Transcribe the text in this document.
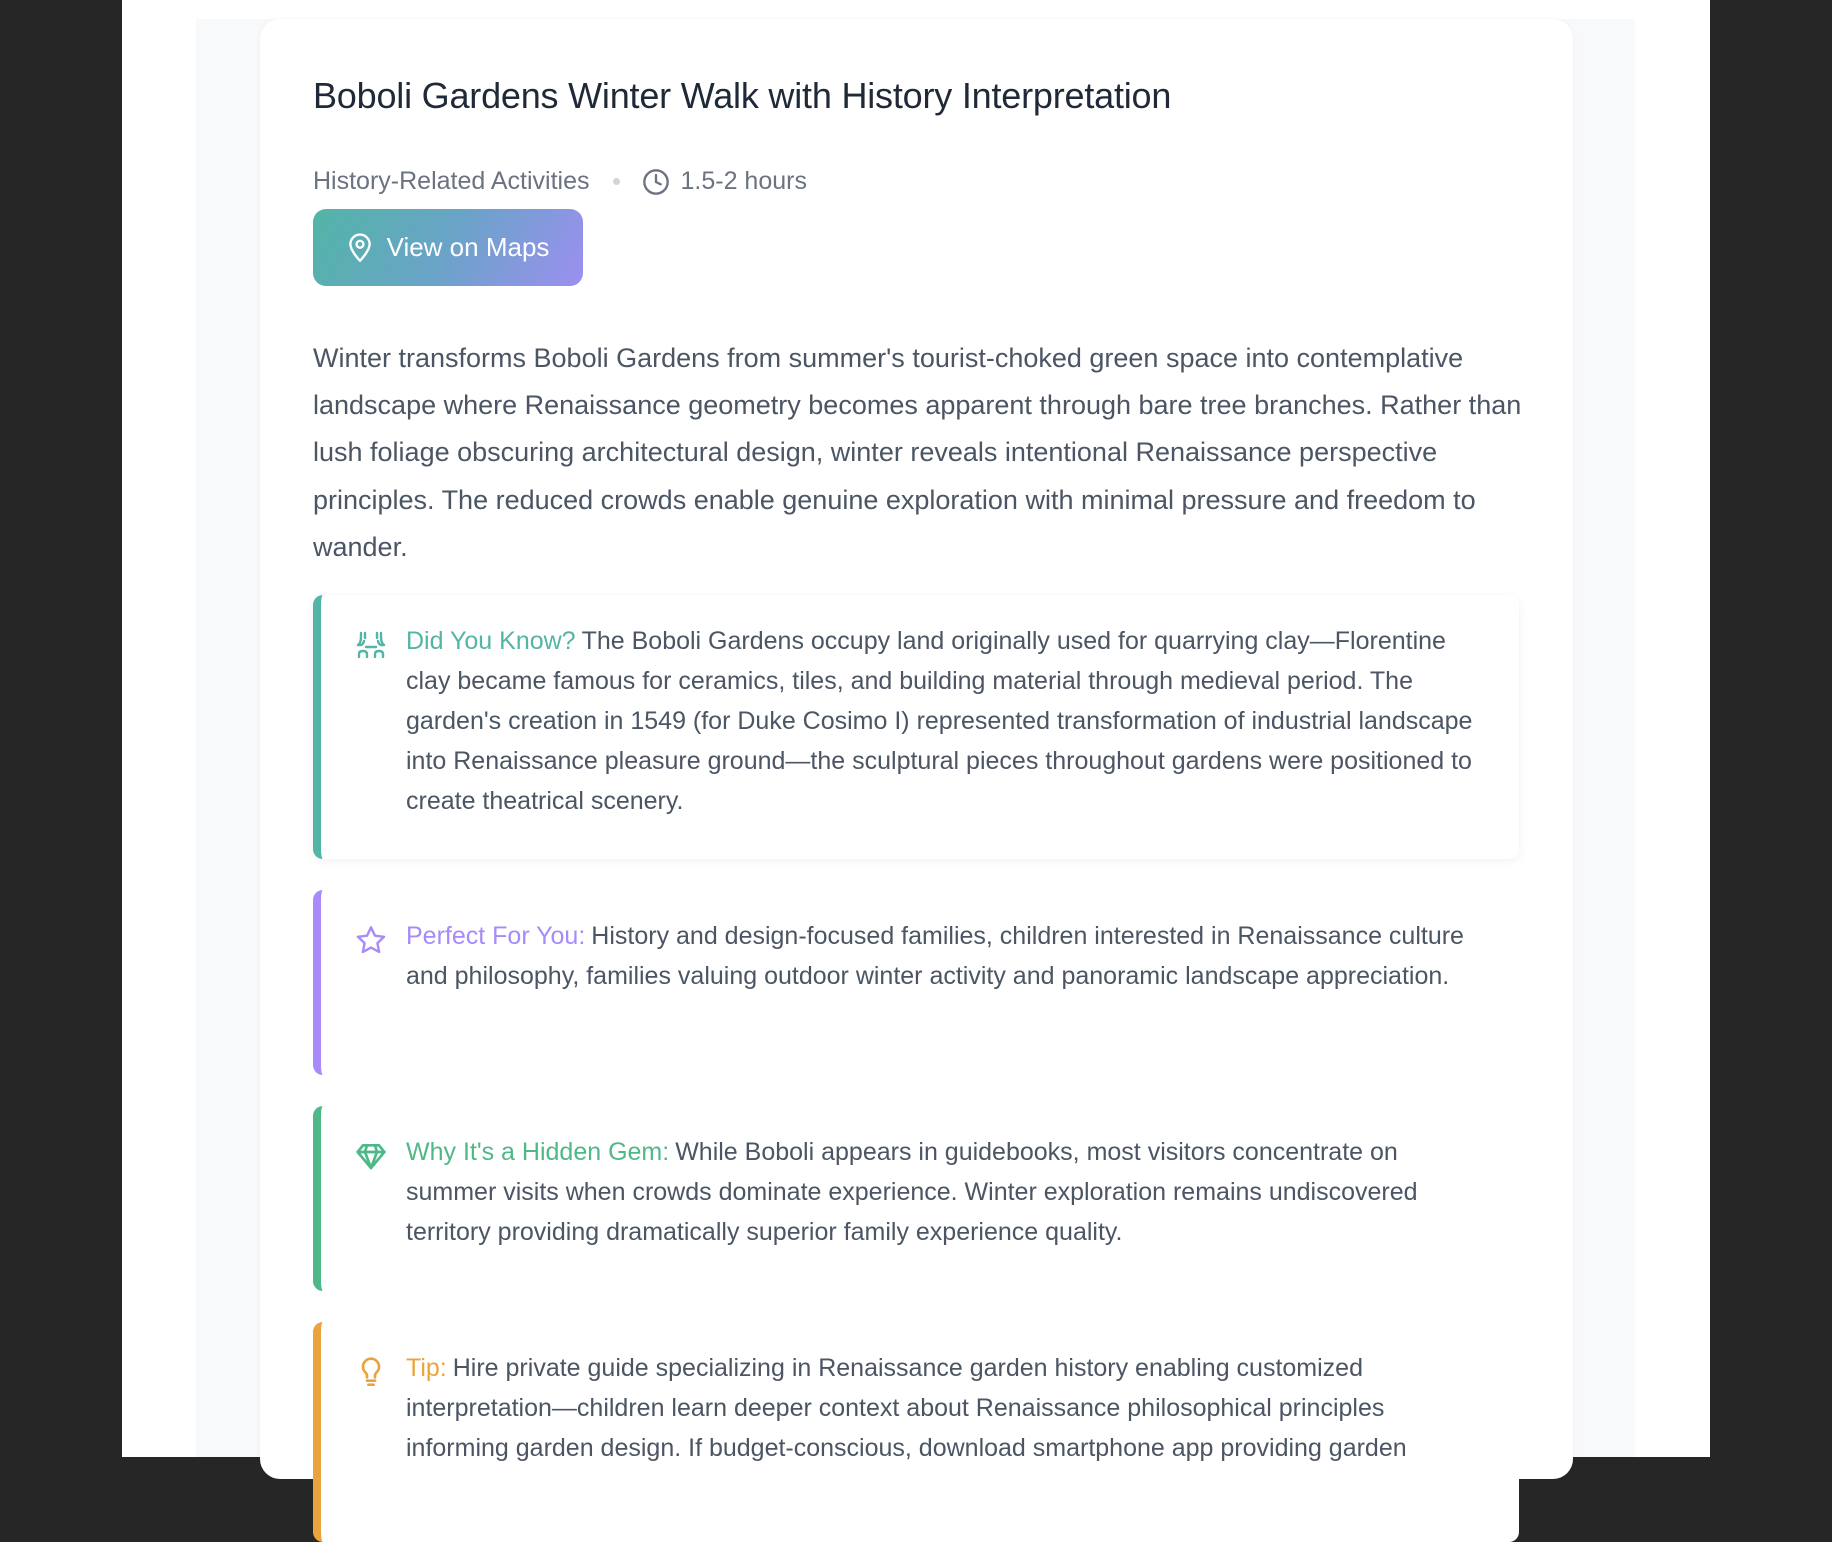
Boboli Gardens Winter Walk with History Interpretation
History-Related Activities	1.5-2 hours
View on Maps

Winter transforms Boboli Gardens from summer's tourist-choked green space into contemplative landscape where Renaissance geometry becomes apparent through bare tree branches. Rather than lush foliage obscuring architectural design, winter reveals intentional Renaissance perspective principles. The reduced crowds enable genuine exploration with minimal pressure and freedom to wander.

Did You Know? The Boboli Gardens occupy land originally used for quarrying clay—Florentine clay became famous for ceramics, tiles, and building material through medieval period. The garden's creation in 1549 (for Duke Cosimo I) represented transformation of industrial landscape into Renaissance pleasure ground—the sculptural pieces throughout gardens were positioned to create theatrical scenery.

Perfect For You: History and design-focused families, children interested in Renaissance culture and philosophy, families valuing outdoor winter activity and panoramic landscape appreciation.

Why It's a Hidden Gem: While Boboli appears in guidebooks, most visitors concentrate on summer visits when crowds dominate experience. Winter exploration remains undiscovered territory providing dramatically superior family experience quality.

Tip: Hire private guide specializing in Renaissance garden history enabling customized interpretation—children learn deeper context about Renaissance philosophical principles informing garden design. If budget-conscious, download smartphone app providing garden
